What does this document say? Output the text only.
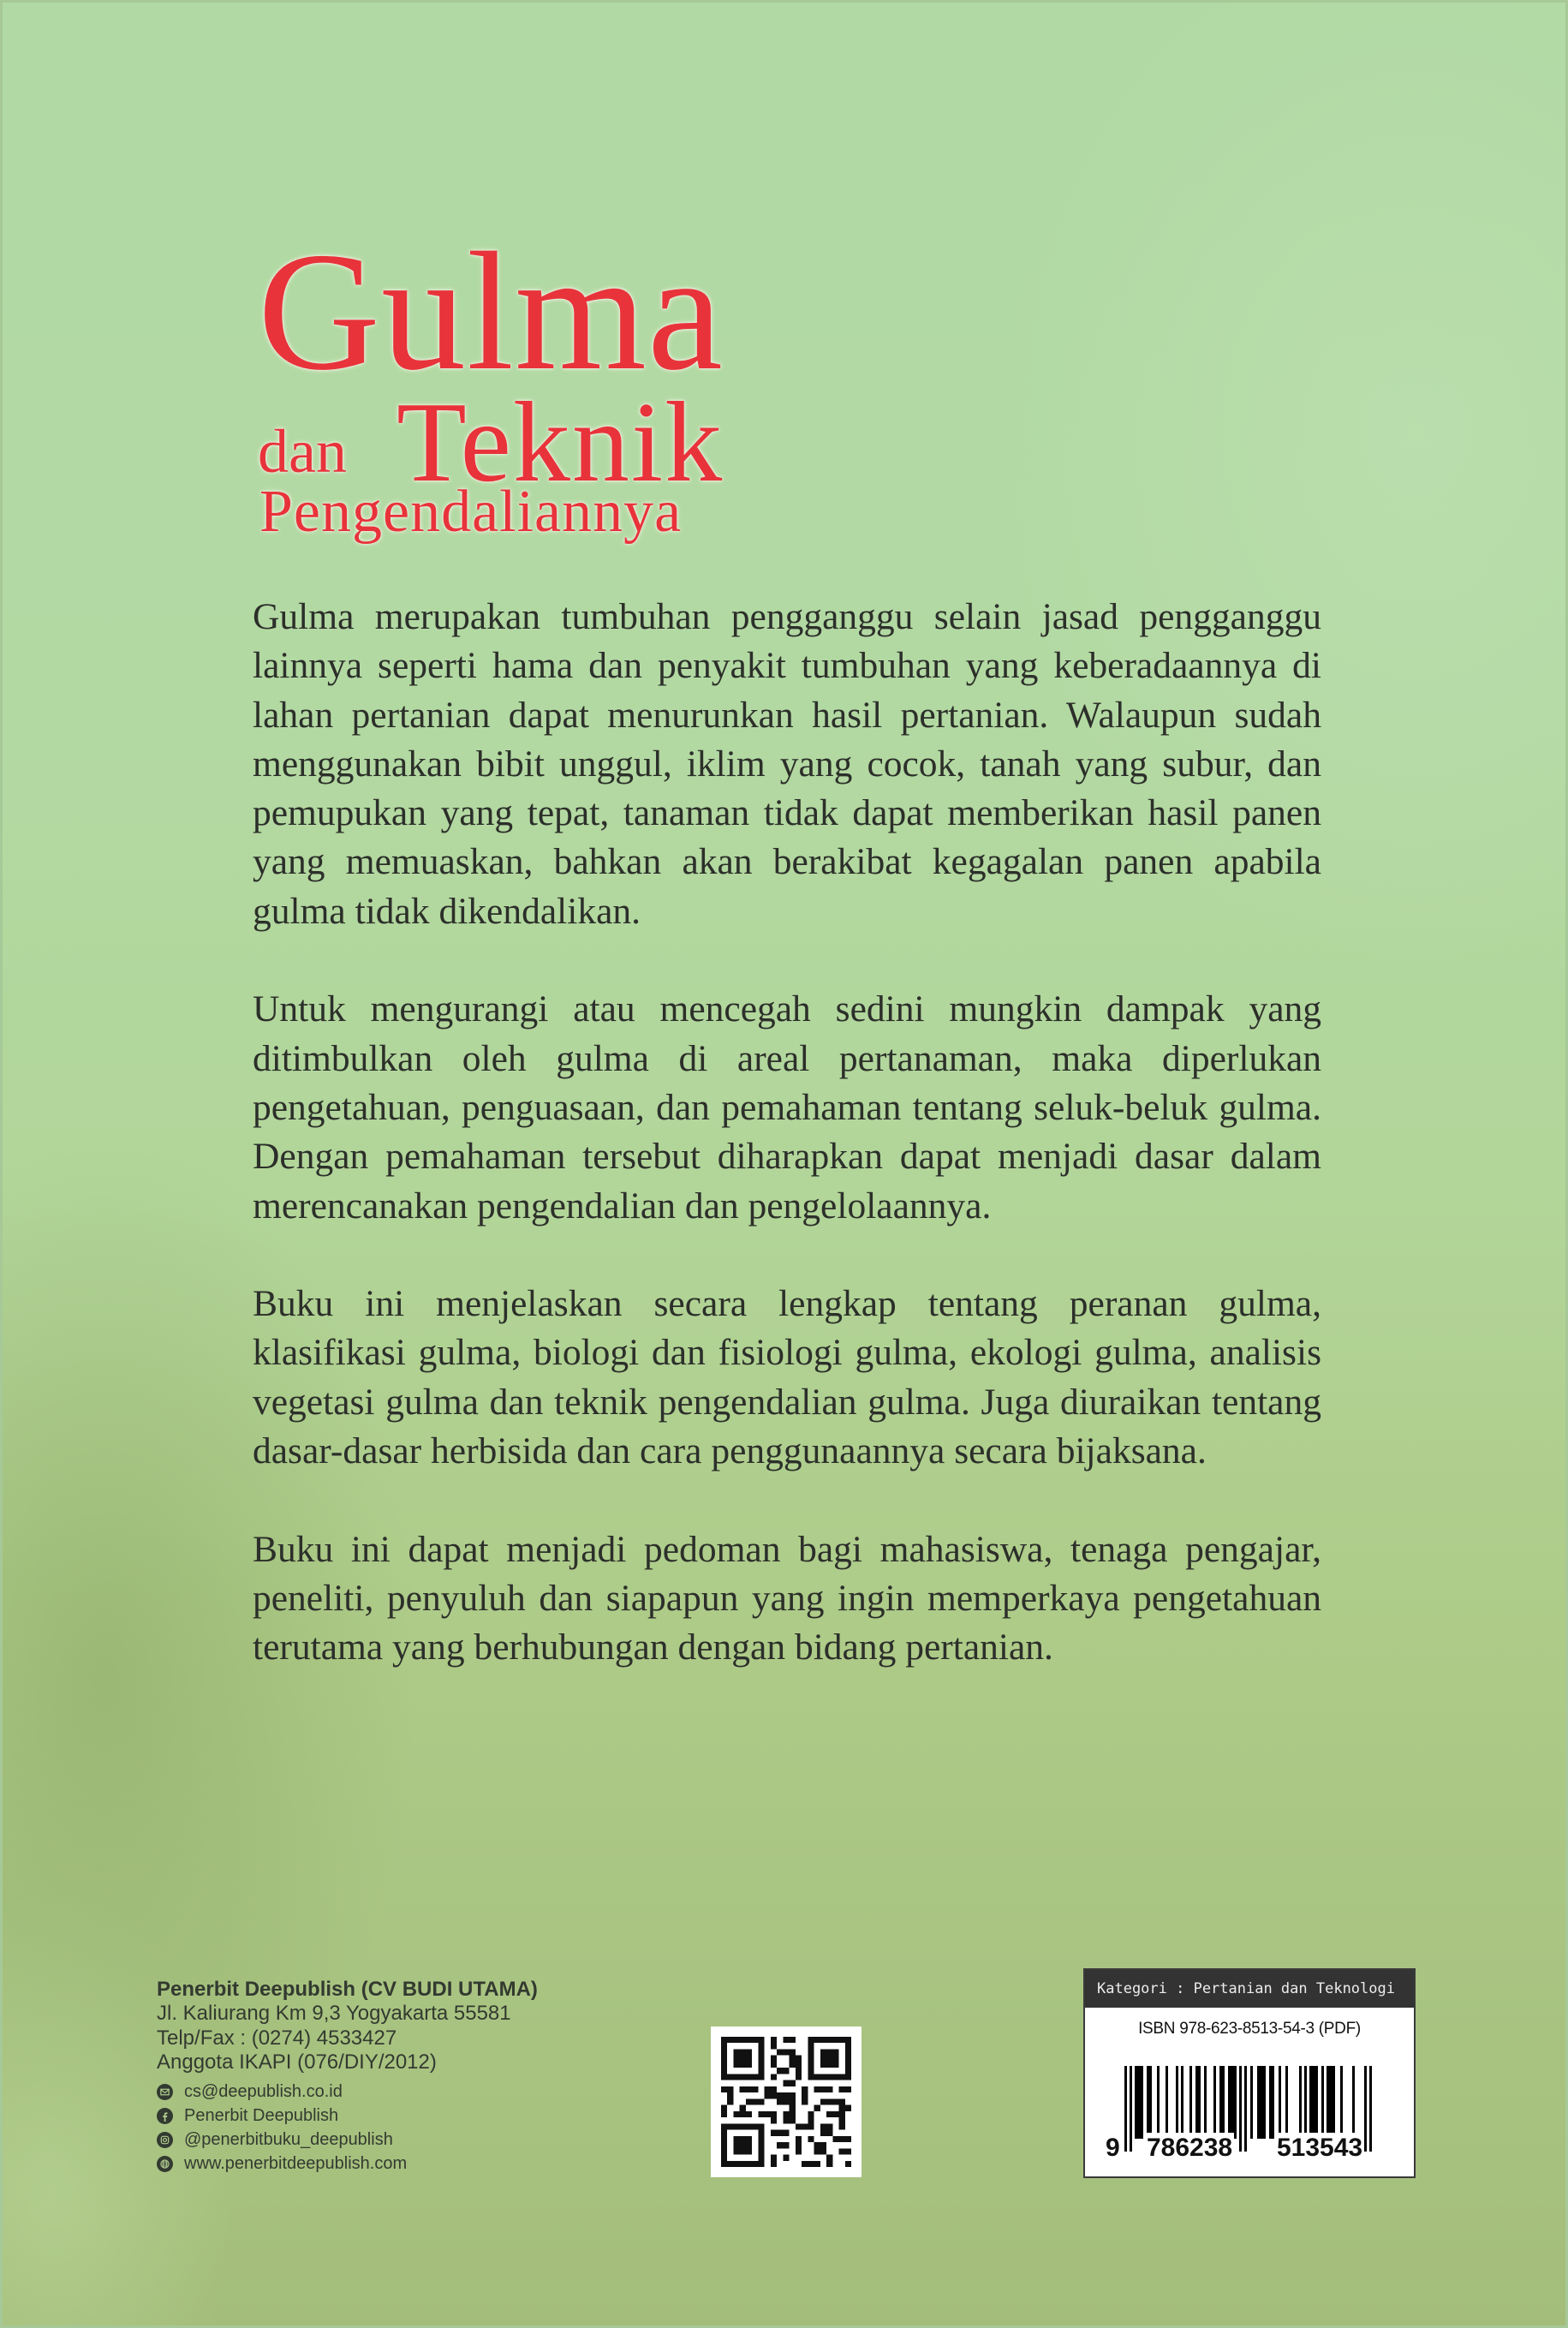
Gulma
dan Teknik
Pengendaliannya

Gulma merupakan tumbuhan pengganggu selain jasad pengganggu lainnya seperti hama dan penyakit tumbuhan yang keberadaannya di lahan pertanian dapat menurunkan hasil pertanian. Walaupun sudah menggunakan bibit unggul, iklim yang cocok, tanah yang subur, dan pemupukan yang tepat, tanaman tidak dapat memberikan hasil panen yang memuaskan, bahkan akan berakibat kegagalan panen apabila gulma tidak dikendalikan.

Untuk mengurangi atau mencegah sedini mungkin dampak yang ditimbulkan oleh gulma di areal pertanaman, maka diperlukan pengetahuan, penguasaan, dan pemahaman tentang seluk-beluk gulma. Dengan pemahaman tersebut diharapkan dapat menjadi dasar dalam merencanakan pengendalian dan pengelolaannya.

Buku ini menjelaskan secara lengkap tentang peranan gulma, klasifikasi gulma, biologi dan fisiologi gulma, ekologi gulma, analisis vegetasi gulma dan teknik pengendalian gulma. Juga diuraikan tentang dasar-dasar herbisida dan cara penggunaannya secara bijaksana.

Buku ini dapat menjadi pedoman bagi mahasiswa, tenaga pengajar, peneliti, penyuluh dan siapapun yang ingin memperkaya pengetahuan terutama yang berhubungan dengan bidang pertanian.

Penerbit Deepublish (CV BUDI UTAMA)
Jl. Kaliurang Km 9,3 Yogyakarta 55581
Telp/Fax : (0274) 4533427
Anggota IKAPI (076/DIY/2012)
cs@deepublish.co.id
Penerbit Deepublish
@penerbitbuku_deepublish
www.penerbitdeepublish.com
Kategori : Pertanian dan Teknologi
ISBN 978-623-8513-54-3 (PDF)
9 786238 513543
